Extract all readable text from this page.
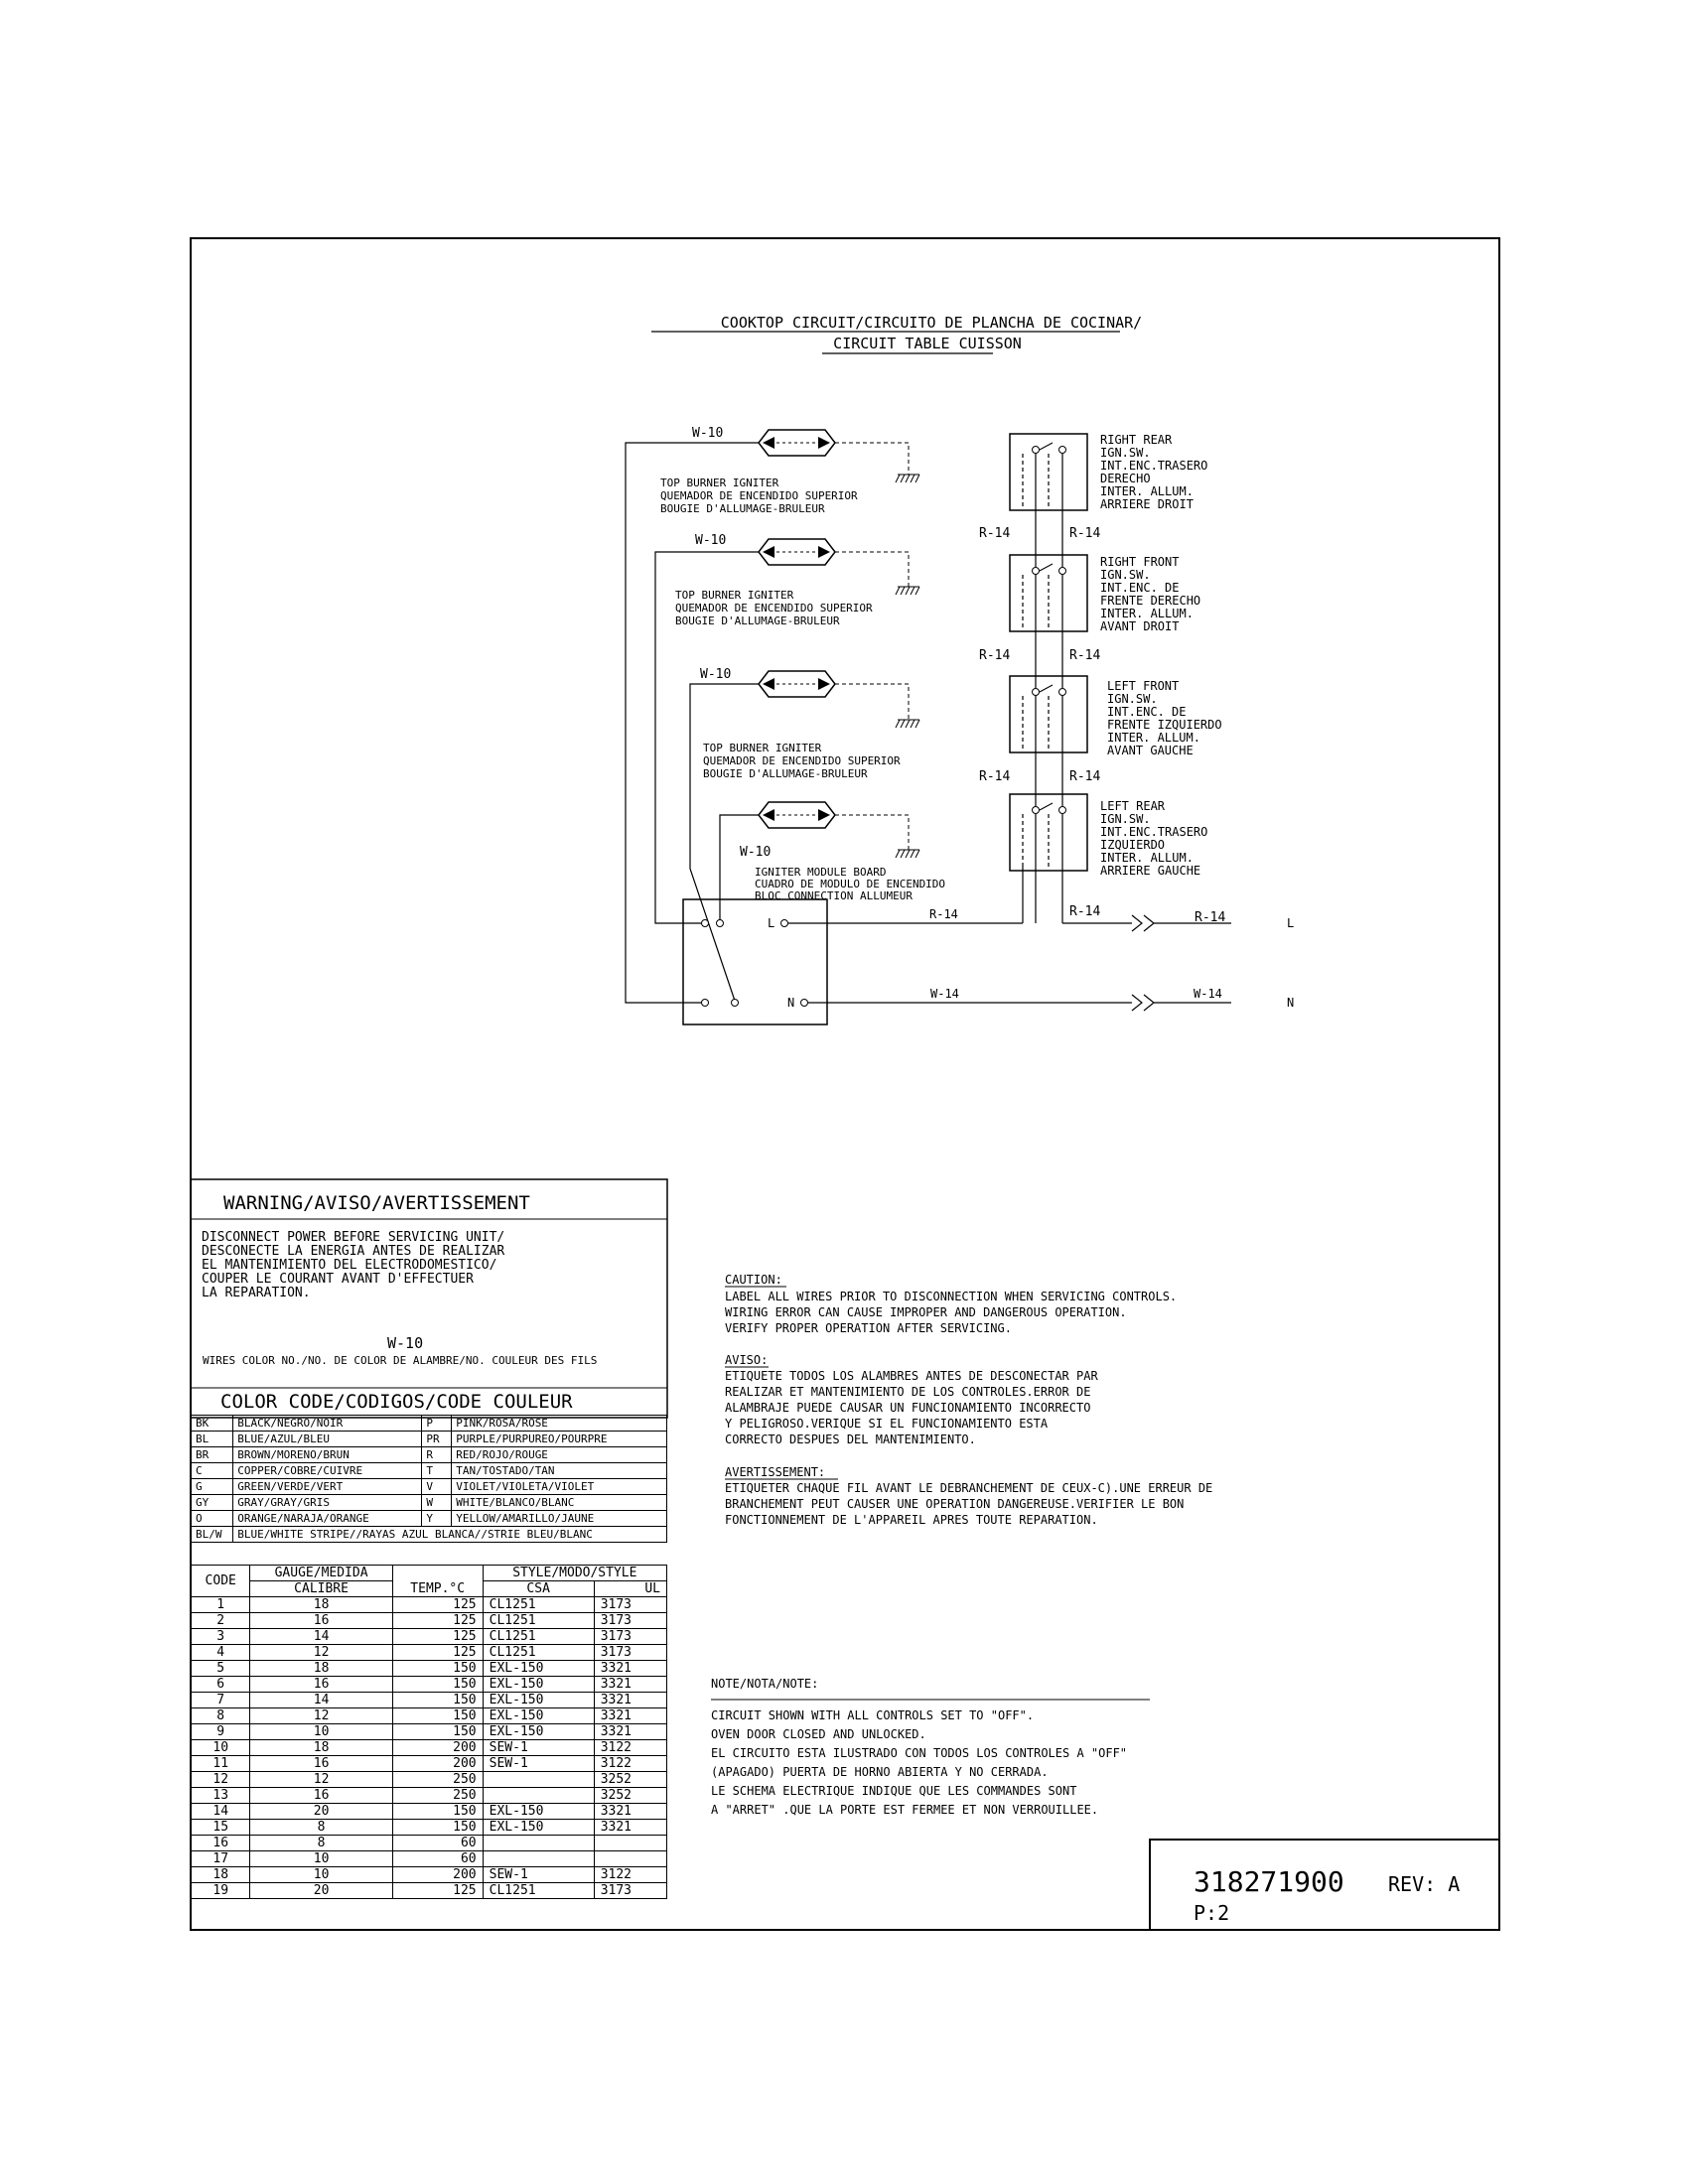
COOKTOP CIRCUIT/CIRCUITO DE PLANCHA DE COCINAR/
CIRCUIT TABLE CUISSON
W-10
TOP BURNER IGNITER
QUEMADOR DE ENCENDIDO SUPERIOR
BOUGIE D'ALLUMAGE-BRULEUR
W-10
TOP BURNER IGNITER
QUEMADOR DE ENCENDIDO SUPERIOR
BOUGIE D'ALLUMAGE-BRULEUR
W-10
TOP BURNER IGNITER
QUEMADOR DE ENCENDIDO SUPERIOR
BOUGIE D'ALLUMAGE-BRULEUR
W-10
IGNITER MODULE BOARD
CUADRO DE MODULO DE ENCENDIDO
BLOC CONNECTION ALLUMEUR
L
N
RIGHT REAR
IGN.SW.
INT.ENC.TRASERO
DERECHO
INTER. ALLUM.
ARRIERE DROIT
RIGHT FRONT
IGN.SW.
INT.ENC. DE
FRENTE DERECHO
INTER. ALLUM.
AVANT DROIT
LEFT FRONT
IGN.SW.
INT.ENC. DE
FRENTE IZQUIERDO
INTER. ALLUM.
AVANT GAUCHE
LEFT REAR
IGN.SW.
INT.ENC.TRASERO
IZQUIERDO
INTER. ALLUM.
ARRIERE GAUCHE
R-14	R-14
R-14	R-14
R-14	R-14
R-14	R-14	R-14
W-14	W-14
L
N
WARNING/AVISO/AVERTISSEMENT
DISCONNECT POWER BEFORE SERVICING UNIT/
DESCONECTE LA ENERGIA ANTES DE REALIZAR
EL MANTENIMIENTO DEL ELECTRODOMESTICO/
COUPER LE COURANT AVANT D'EFFECTUER
LA REPARATION.
W-10
WIRES COLOR NO./NO. DE COLOR DE ALAMBRE/NO. COULEUR DES FILS
COLOR CODE/CODIGOS/CODE COULEUR
CAUTION:
LABEL ALL WIRES PRIOR TO DISCONNECTION WHEN SERVICING CONTROLS.
WIRING ERROR CAN CAUSE IMPROPER AND DANGEROUS OPERATION.
VERIFY PROPER OPERATION AFTER SERVICING.
AVISO:
ETIQUETE TODOS LOS ALAMBRES ANTES DE DESCONECTAR PAR
REALIZAR ET MANTENIMIENTO DE LOS CONTROLES.ERROR DE
ALAMBRAJE PUEDE CAUSAR UN FUNCIONAMIENTO INCORRECTO
Y PELIGROSO.VERIQUE SI EL FUNCIONAMIENTO ESTA
CORRECTO DESPUES DEL MANTENIMIENTO.
AVERTISSEMENT:
ETIQUETER CHAQUE FIL AVANT LE DEBRANCHEMENT DE CEUX-C).UNE ERREUR DE
BRANCHEMENT PEUT CAUSER UNE OPERATION DANGEREUSE.VERIFIER LE BON
FONCTIONNEMENT DE L'APPAREIL APRES TOUTE REPARATION.
NOTE/NOTA/NOTE:
CIRCUIT SHOWN WITH ALL CONTROLS SET TO "OFF".
OVEN DOOR CLOSED AND UNLOCKED.
EL CIRCUITO ESTA ILUSTRADO CON TODOS LOS CONTROLES A "OFF"
(APAGADO) PUERTA DE HORNO ABIERTA Y NO CERRADA.
LE SCHEMA ELECTRIQUE INDIQUE QUE LES COMMANDES SONT
A "ARRET" .QUE LA PORTE EST FERMEE ET NON VERROUILLEE.
318271900 REV: A
P:2
BK	BLACK/NEGRO/NOIR	P	PINK/ROSA/ROSE
BL	BLUE/AZUL/BLEU	PR	PURPLE/PURPUREO/POURPRE
BR	BROWN/MORENO/BRUN	R	RED/ROJO/ROUGE
C	COPPER/COBRE/CUIVRE	T	TAN/TOSTADO/TAN
G	GREEN/VERDE/VERT	V	VIOLET/VIOLETA/VIOLET
GY	GRAY/GRAY/GRIS	W	WHITE/BLANCO/BLANC
O	ORANGE/NARAJA/ORANGE	Y	YELLOW/AMARILLO/JAUNE
BL/W	BLUE/WHITE STRIPE//RAYAS AZUL BLANCA//STRIE BLEU/BLANC		
CODE	GAUGE/MEDIDA	TEMP.°C	STYLE/MODO/STYLE	
	CALIBRE		CSA	UL
1	18	125	CL1251	3173
2	16	125	CL1251	3173
3	14	125	CL1251	3173
4	12	125	CL1251	3173
5	18	150	EXL-150	3321
6	16	150	EXL-150	3321
7	14	150	EXL-150	3321
8	12	150	EXL-150	3321
9	10	150	EXL-150	3321
10	18	200	SEW-1	3122
11	16	200	SEW-1	3122
12	12	250		3252
13	16	250		3252
14	20	150	EXL-150	3321
15	8	150	EXL-150	3321
16	8	60		
17	10	60		
18	10	200	SEW-1	3122
19	20	125	CL1251	3173
